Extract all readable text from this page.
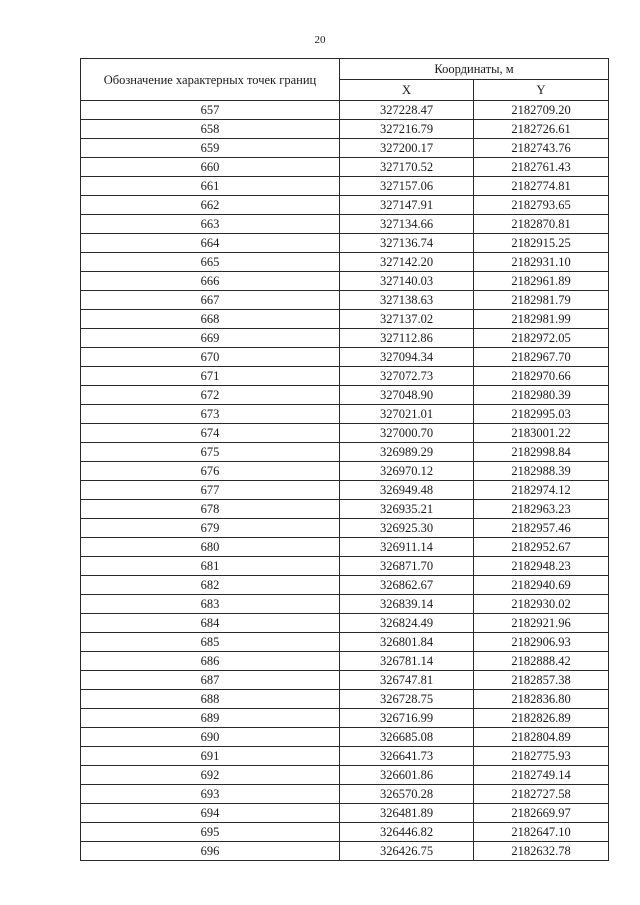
20
Обозначение характерных точек границ	Координаты, м	
	X	Y
657	327228.47	2182709.20
658	327216.79	2182726.61
659	327200.17	2182743.76
660	327170.52	2182761.43
661	327157.06	2182774.81
662	327147.91	2182793.65
663	327134.66	2182870.81
664	327136.74	2182915.25
665	327142.20	2182931.10
666	327140.03	2182961.89
667	327138.63	2182981.79
668	327137.02	2182981.99
669	327112.86	2182972.05
670	327094.34	2182967.70
671	327072.73	2182970.66
672	327048.90	2182980.39
673	327021.01	2182995.03
674	327000.70	2183001.22
675	326989.29	2182998.84
676	326970.12	2182988.39
677	326949.48	2182974.12
678	326935.21	2182963.23
679	326925.30	2182957.46
680	326911.14	2182952.67
681	326871.70	2182948.23
682	326862.67	2182940.69
683	326839.14	2182930.02
684	326824.49	2182921.96
685	326801.84	2182906.93
686	326781.14	2182888.42
687	326747.81	2182857.38
688	326728.75	2182836.80
689	326716.99	2182826.89
690	326685.08	2182804.89
691	326641.73	2182775.93
692	326601.86	2182749.14
693	326570.28	2182727.58
694	326481.89	2182669.97
695	326446.82	2182647.10
696	326426.75	2182632.78
